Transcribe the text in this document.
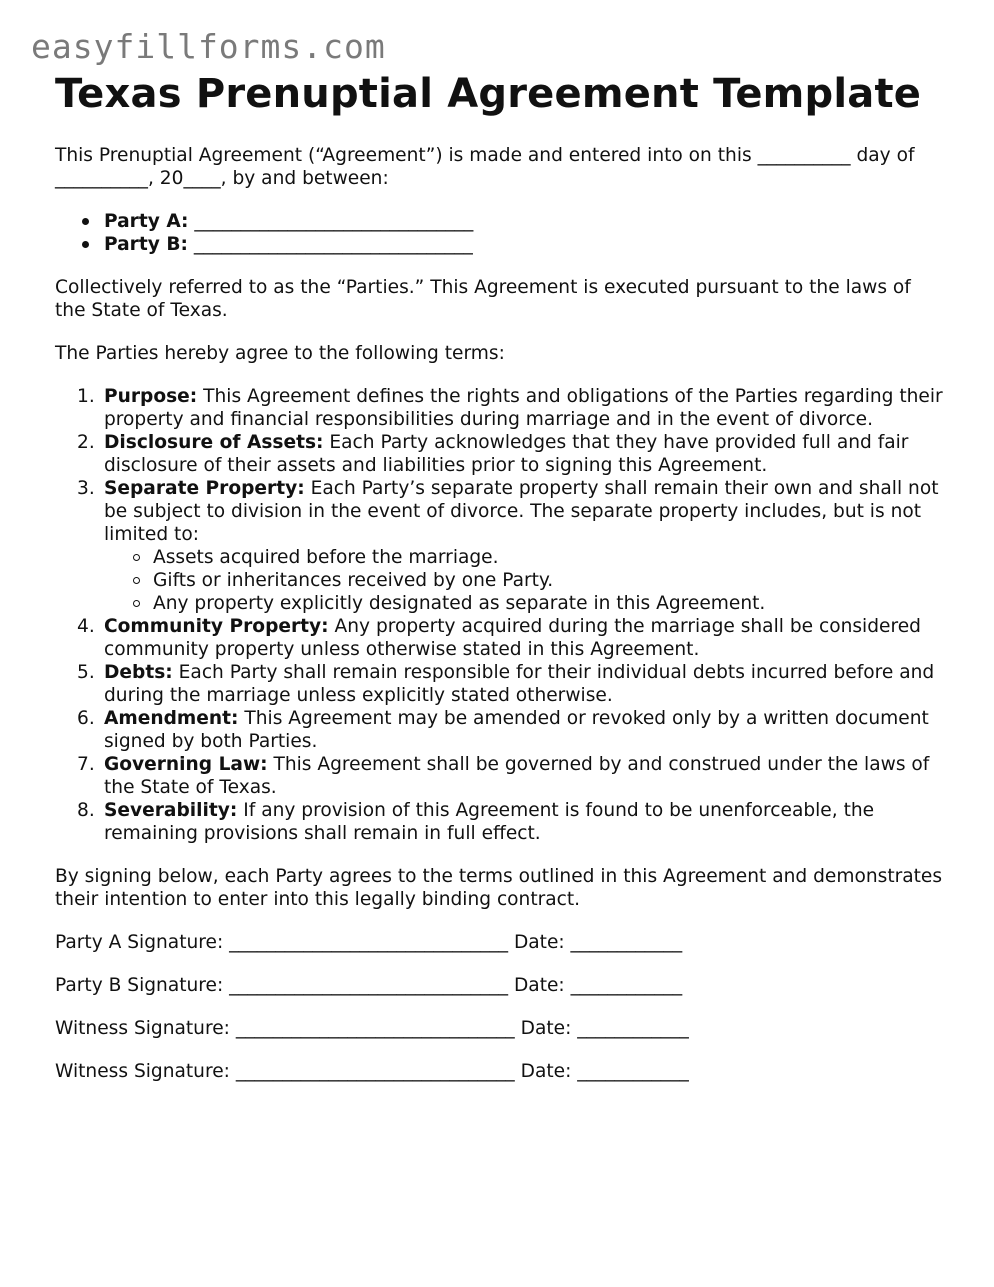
easyfillforms.com
Texas Prenuptial Agreement Template

This Prenuptial Agreement (“Agreement”) is made and entered into on this __________ day of __________, 20____, by and between:

Party A: ______________________________
Party B: ______________________________

Collectively referred to as the “Parties.” This Agreement is executed pursuant to the laws of the State of Texas.

The Parties hereby agree to the following terms:

1. Purpose: This Agreement defines the rights and obligations of the Parties regarding their property and financial responsibilities during marriage and in the event of divorce.
2. Disclosure of Assets: Each Party acknowledges that they have provided full and fair disclosure of their assets and liabilities prior to signing this Agreement.
3. Separate Property: Each Party’s separate property shall remain their own and shall not be subject to division in the event of divorce. The separate property includes, but is not limited to:
Assets acquired before the marriage.
Gifts or inheritances received by one Party.
Any property explicitly designated as separate in this Agreement.
4. Community Property: Any property acquired during the marriage shall be considered community property unless otherwise stated in this Agreement.
5. Debts: Each Party shall remain responsible for their individual debts incurred before and during the marriage unless explicitly stated otherwise.
6. Amendment: This Agreement may be amended or revoked only by a written document signed by both Parties.
7. Governing Law: This Agreement shall be governed by and construed under the laws of the State of Texas.
8. Severability: If any provision of this Agreement is found to be unenforceable, the remaining provisions shall remain in full effect.

By signing below, each Party agrees to the terms outlined in this Agreement and demonstrates their intention to enter into this legally binding contract.

Party A Signature: ______________________________ Date: ____________

Party B Signature: ______________________________ Date: ____________

Witness Signature: ______________________________ Date: ____________

Witness Signature: ______________________________ Date: ____________
